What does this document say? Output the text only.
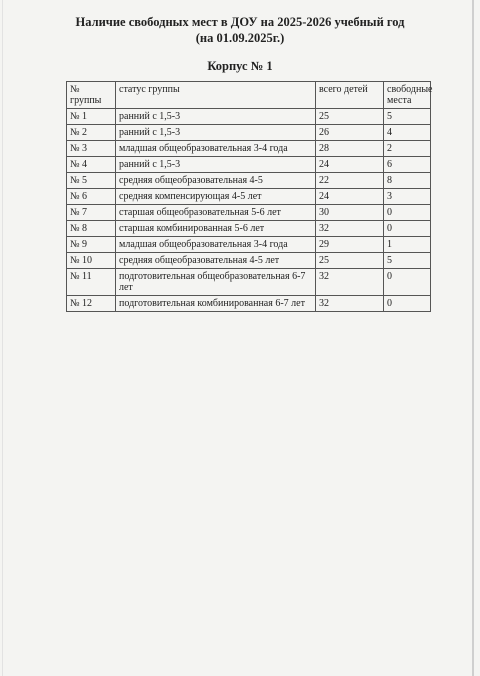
Наличие свободных мест в ДОУ на 2025-2026 учебный год
(на 01.09.2025г.)
Корпус № 1
№ группы	статус группы	всего детей	свободные места
№ 1	ранний с 1,5-3	25	5
№ 2	ранний с 1,5-3	26	4
№ 3	младшая общеобразовательная 3-4 года	28	2
№ 4	ранний с 1,5-3	24	6
№ 5	средняя общеобразовательная 4-5	22	8
№ 6	средняя компенсирующая 4-5 лет	24	3
№ 7	старшая общеобразовательная 5-6 лет	30	0
№ 8	старшая комбинированная 5-6 лет	32	0
№ 9	младшая общеобразовательная 3-4 года	29	1
№ 10	средняя общеобразовательная 4-5 лет	25	5
№ 11	подготовительная общеобразовательная 6-7 лет	32	0
№ 12	подготовительная комбинированная 6-7 лет	32	0
